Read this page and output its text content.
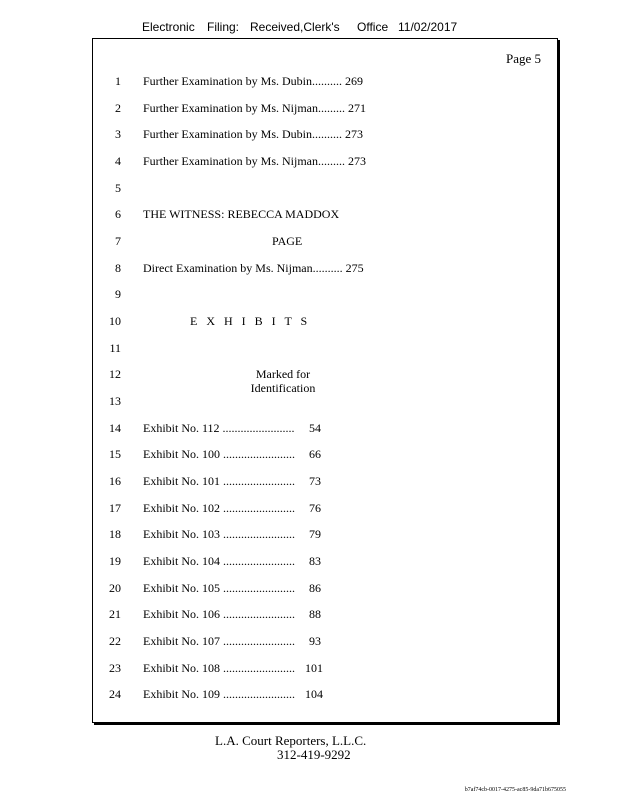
Electronic Filing: Received,Clerk's Office 11/02/2017
Page 5
1 Further Examination by Ms. Dubin.......... 269
2 Further Examination by Ms. Nijman......... 271
3 Further Examination by Ms. Dubin.......... 273
4 Further Examination by Ms. Nijman......... 273
5
6 THE WITNESS: REBECCA MADDOX
7	PAGE
8 Direct Examination by Ms. Nijman.......... 275
9
10	E X H I B I T S
11
12	Marked for
Identification
13
14 Exhibit No. 112 ........................	54
15 Exhibit No. 100 ........................	66
16 Exhibit No. 101 ........................	73
17 Exhibit No. 102 ........................	76
18 Exhibit No. 103 ........................	79
19 Exhibit No. 104 ........................	83
20 Exhibit No. 105 ........................	86
21 Exhibit No. 106 ........................	88
22 Exhibit No. 107 ........................	93
23 Exhibit No. 108 ........................ 101
24 Exhibit No. 109 ........................ 104
L.A. Court Reporters, L.L.C.
312-419-9292
b7af74cb-0017-4275-ac85-9da71b675055
